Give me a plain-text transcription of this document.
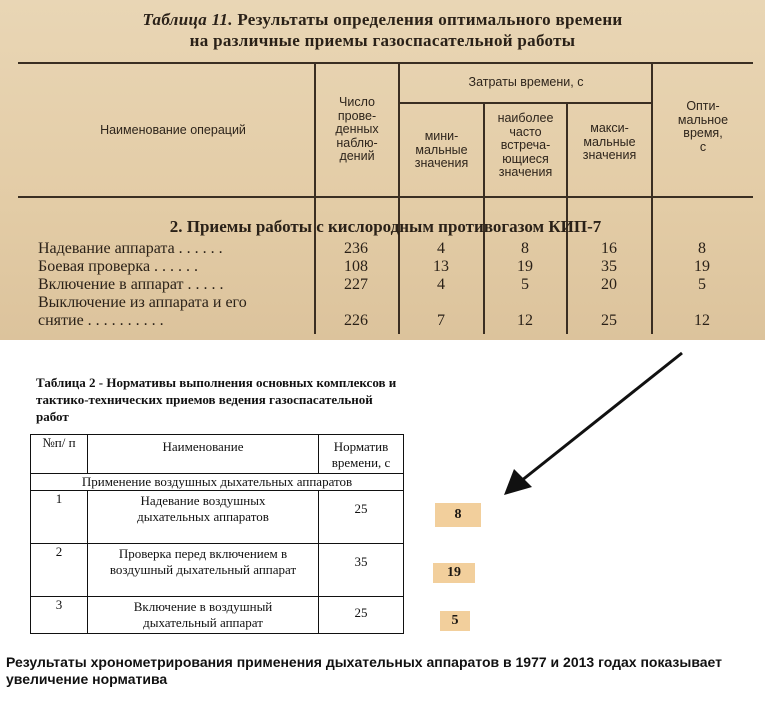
Таблица 11. Результаты определения оптимального времени
на различные приемы газоспасательной работы
Наименование операций
Число
прове-
денных
наблю-
дений
Затраты времени, с
мини-
мальные
значения
наиболее
часто
встреча-
ющиеся
значения
макси-
мальные
значения
Опти-
мальное
время,
с
2. Приемы работы с кислородным противогазом КИП-7
Надевание аппарата . . . . . .	236	4	8	16	8
Боевая проверка . . . . . .	108	13	19	35	19
Включение в аппарат . . . . .	227	4	5	20	5
Выключение из аппарата и его
снятие . . . . . . . . . .	226	7	12	25	12
Таблица 2 - Нормативы выполнения основных комплексов и тактико-технических приемов ведения газоспасательной работ
№п/ п	Наименование	Норматив времени, с
Применение воздушных дыхательных аппаратов		
1	Надевание воздушных дыхательных аппаратов	25
2	Проверка перед включением в воздушный дыхательный аппарат	35
3	Включение в воздушный дыхательный аппарат	25
8
19
5
Результаты хронометрирования применения дыхательных аппаратов в 1977 и 2013 годах показывает увеличение норматива
